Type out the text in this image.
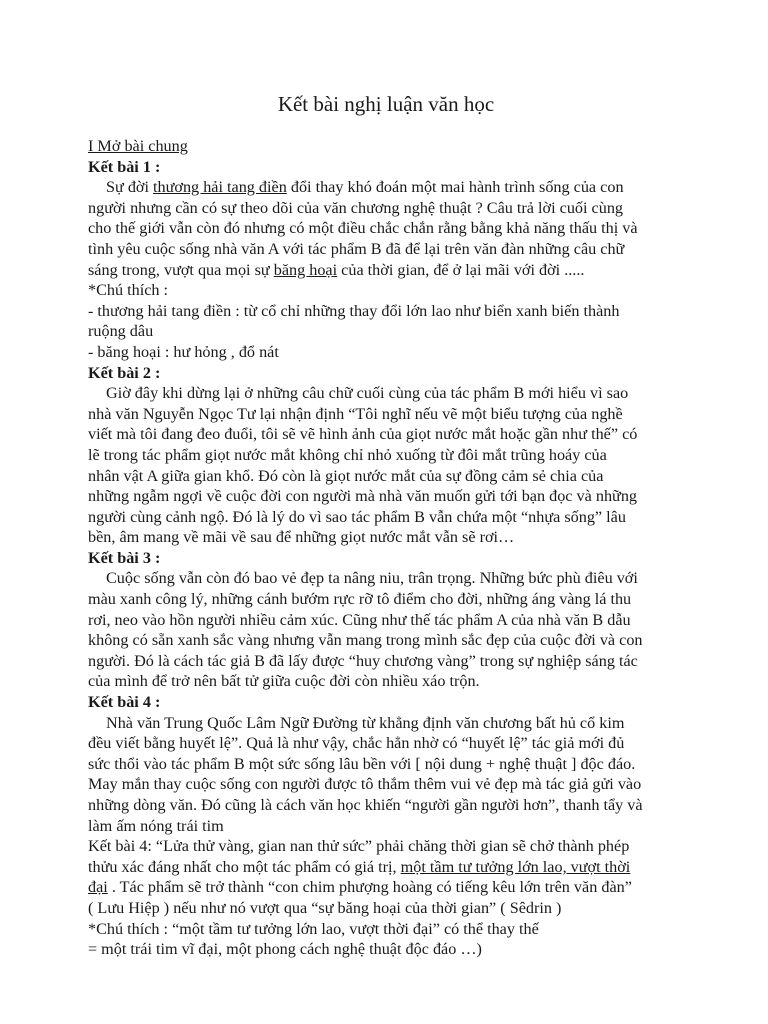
Kết bài nghị luận văn học
I Mở bài chung
Kết bài 1 :
Sự đời thương hải tang điền đổi thay khó đoán một mai hành trình sống của con
người nhưng cần có sự theo dõi của văn chương nghệ thuật ? Câu trả lời cuối cùng
cho thế giới vẫn còn đó nhưng có một điều chắc chắn rằng bằng khả năng thấu thị và
tình yêu cuộc sống nhà văn A với tác phẩm B đã để lại trên văn đàn những câu chữ
sáng trong, vượt qua mọi sự băng hoại của thời gian, để ở lại mãi với đời .....
*Chú thích :
- thương hải tang điền : từ cổ chỉ những thay đổi lớn lao như biển xanh biến thành
ruộng dâu
- băng hoại : hư hỏng , đổ nát
Kết bài 2 :
Giờ đây khi dừng lại ở những câu chữ cuối cùng của tác phẩm B mới hiểu vì sao
nhà văn Nguyễn Ngọc Tư lại nhận định “Tôi nghĩ nếu vẽ một biểu tượng của nghề
viết mà tôi đang đeo đuổi, tôi sẽ vẽ hình ảnh của giọt nước mắt hoặc gần như thế” có
lẽ trong tác phẩm giọt nước mắt không chỉ nhỏ xuống từ đôi mắt trũng hoáy của
nhân vật A giữa gian khổ. Đó còn là giọt nước mắt của sự đồng cảm sẻ chia của
những ngẫm ngợi về cuộc đời con người mà nhà văn muốn gửi tới bạn đọc và những
người cùng cảnh ngộ. Đó là lý do vì sao tác phẩm B vẫn chứa một “nhựa sống” lâu
bền, âm mang về mãi về sau để những giọt nước mắt vẫn sẽ rơi…
Kết bài 3 :
Cuộc sống vẫn còn đó bao vẻ đẹp ta nâng niu, trân trọng. Những bức phù điêu với
màu xanh công lý, những cánh bướm rực rỡ tô điểm cho đời, những áng vàng lá thu
rơi, neo vào hồn người nhiều cảm xúc. Cũng như thế tác phẩm A của nhà văn B dẫu
không có sẵn xanh sắc vàng nhưng vẫn mang trong mình sắc đẹp của cuộc đời và con
người. Đó là cách tác giả B đã lấy được “huy chương vàng” trong sự nghiệp sáng tác
của mình để trở nên bất tử giữa cuộc đời còn nhiều xáo trộn.
Kết bài 4 :
Nhà văn Trung Quốc Lâm Ngữ Đường từ khẳng định văn chương bất hủ cổ kim
đều viết bằng huyết lệ”. Quả là như vậy, chắc hẳn nhờ có “huyết lệ” tác giả mới đủ
sức thổi vào tác phẩm B một sức sống lâu bền với [ nội dung + nghệ thuật ] độc đáo.
May mắn thay cuộc sống con người được tô thắm thêm vui vẻ đẹp mà tác giả gửi vào
những dòng văn. Đó cũng là cách văn học khiến “người gần người hơn”, thanh tẩy và
làm ấm nóng trái tim
Kết bài 4: “Lửa thử vàng, gian nan thử sức” phải chăng thời gian sẽ chở thành phép
thửu xác đáng nhất cho một tác phẩm có giá trị, một tầm tư tưởng lớn lao, vượt thời
đại . Tác phẩm sẽ trở thành “con chim phượng hoàng có tiếng kêu lớn trên văn đàn”
( Lưu Hiệp ) nếu như nó vượt qua “sự băng hoại của thời gian” ( Sêdrin )
*Chú thích : “một tầm tư tưởng lớn lao, vượt thời đại” có thể thay thế
= một trái tim vĩ đại, một phong cách nghệ thuật độc đáo …)
